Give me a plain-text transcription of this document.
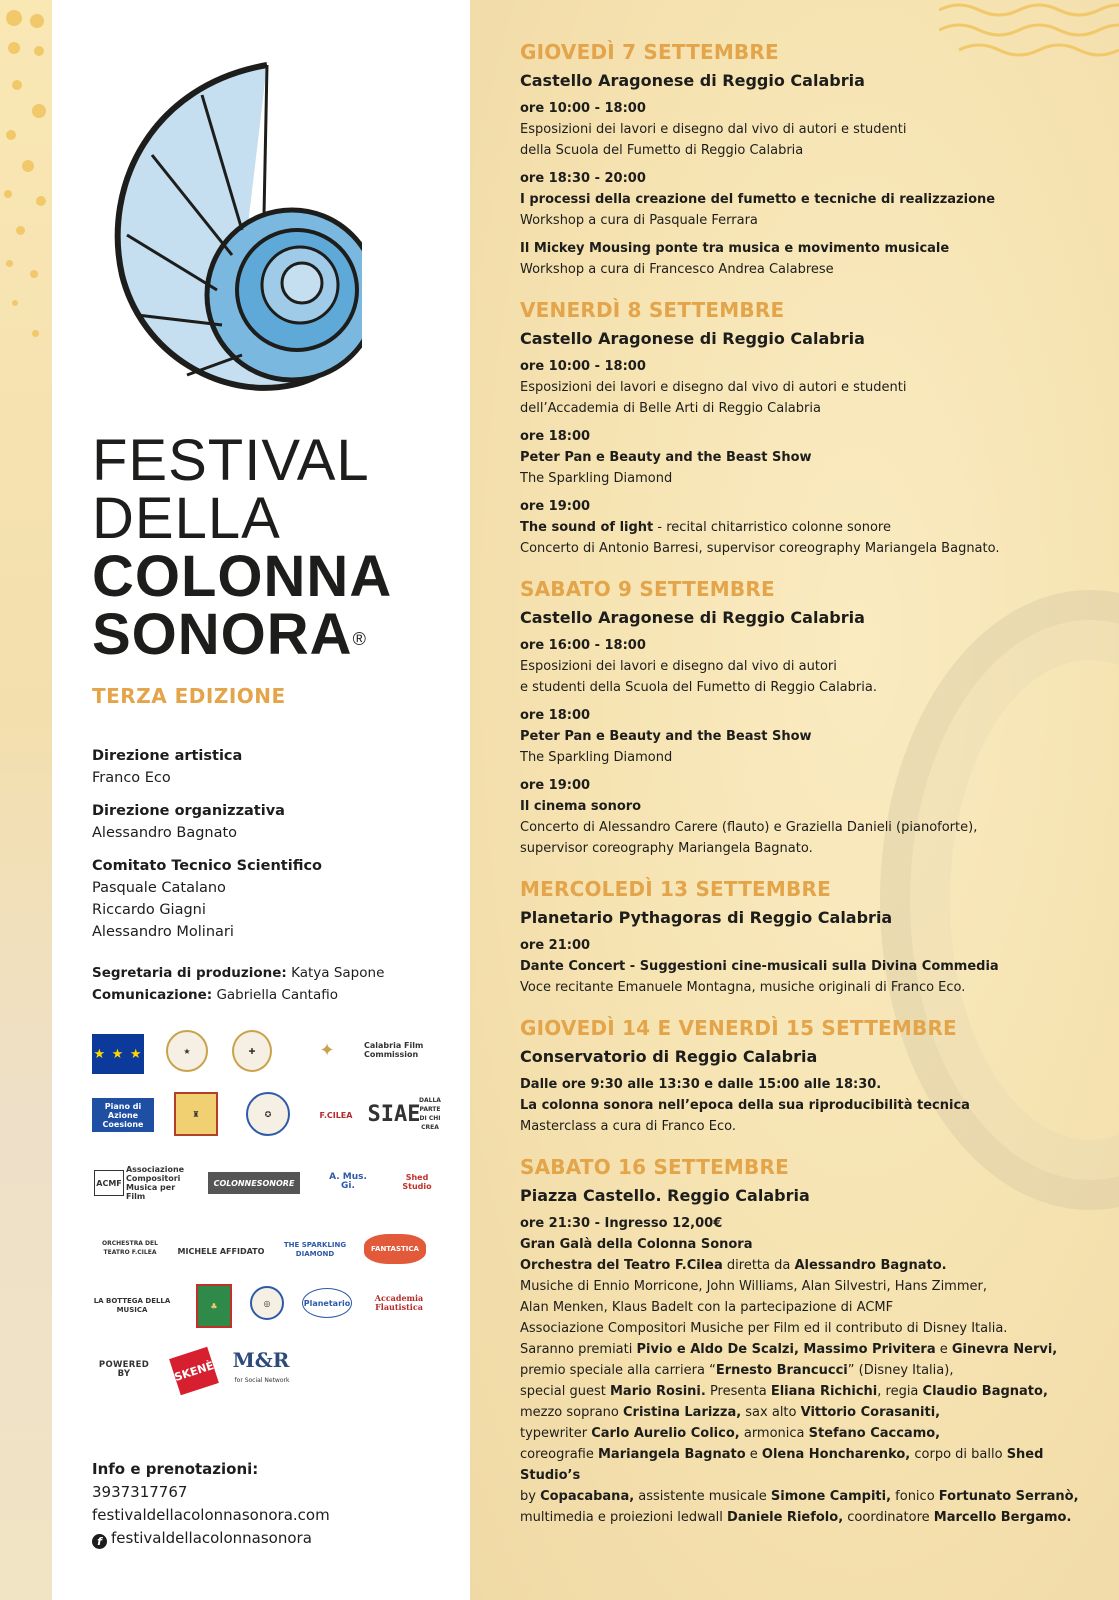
FESTIVAL
DELLA
COLONNA
SONORA®
TERZA EDIZIONE
Direzione artistica
Franco Eco
Direzione organizzativa
Alessandro Bagnato
Comitato Tecnico Scientifico
Pasquale Catalano
Riccardo Giagni
Alessandro Molinari
Segretaria di produzione: Katya Sapone
Comunicazione: Gabriella Cantafio
★ ★ ★	★	✚	✦	Calabria Film Commission
Piano di Azione Coesione
♜	✪	F.CILEA SIAE
DALLA PARTE DI CHI CREA
ACMF
Associazione Compositori Musica per Film
COLONNESONORE
A. Mus. Gi.
Shed Studio
ORCHESTRA DEL TEATRO F.CILEA	MICHELE AFFIDATO
THE SPARKLING DIAMOND
FANTASTICA
LA BOTTEGA DELLA MUSICA	♣	◎	Planetario	Accademia Flautistica
POWERED BY	SKENÈ M&R
for Social Network
Info e prenotazioni:
3937317767
festivaldellacolonnasonora.com
f festivaldellacolonnasonora
GIOVEDÌ 7 SETTEMBRE
Castello Aragonese di Reggio Calabria
ore 10:00 - 18:00
Esposizioni dei lavori e disegno dal vivo di autori e studenti
della Scuola del Fumetto di Reggio Calabria
ore 18:30 - 20:00
I processi della creazione del fumetto e tecniche di realizzazione
Workshop a cura di Pasquale Ferrara
Il Mickey Mousing ponte tra musica e movimento musicale
Workshop a cura di Francesco Andrea Calabrese
VENERDÌ 8 SETTEMBRE
Castello Aragonese di Reggio Calabria
ore 10:00 - 18:00
Esposizioni dei lavori e disegno dal vivo di autori e studenti
dell’Accademia di Belle Arti di Reggio Calabria
ore 18:00
Peter Pan e Beauty and the Beast Show
The Sparkling Diamond
ore 19:00
The sound of light - recital chitarristico colonne sonore
Concerto di Antonio Barresi, supervisor coreography Mariangela Bagnato.
SABATO 9 SETTEMBRE
Castello Aragonese di Reggio Calabria
ore 16:00 - 18:00
Esposizioni dei lavori e disegno dal vivo di autori
e studenti della Scuola del Fumetto di Reggio Calabria.
ore 18:00
Peter Pan e Beauty and the Beast Show
The Sparkling Diamond
ore 19:00
Il cinema sonoro
Concerto di Alessandro Carere (flauto) e Graziella Danieli (pianoforte),
supervisor coreography Mariangela Bagnato.
MERCOLEDÌ 13 SETTEMBRE
Planetario Pythagoras di Reggio Calabria
ore 21:00
Dante Concert - Suggestioni cine-musicali sulla Divina Commedia
Voce recitante Emanuele Montagna, musiche originali di Franco Eco.
GIOVEDÌ 14 E VENERDÌ 15 SETTEMBRE
Conservatorio di Reggio Calabria
Dalle ore 9:30 alle 13:30 e dalle 15:00 alle 18:30.
La colonna sonora nell’epoca della sua riproducibilità tecnica
Masterclass a cura di Franco Eco.
SABATO 16 SETTEMBRE
Piazza Castello. Reggio Calabria
ore 21:30 - Ingresso 12,00€
Gran Galà della Colonna Sonora
Orchestra del Teatro F.Cilea diretta da Alessandro Bagnato.
Musiche di Ennio Morricone, John Williams, Alan Silvestri, Hans Zimmer,
Alan Menken, Klaus Badelt con la partecipazione di ACMF
Associazione Compositori Musiche per Film ed il contributo di Disney Italia.
Saranno premiati Pivio e Aldo De Scalzi, Massimo Privitera e Ginevra Nervi,
premio speciale alla carriera “Ernesto Brancucci” (Disney Italia),
special guest Mario Rosini. Presenta Eliana Richichi, regia Claudio Bagnato,
mezzo soprano Cristina Larizza, sax alto Vittorio Corasaniti,
typewriter Carlo Aurelio Colico, armonica Stefano Caccamo,
coreografie Mariangela Bagnato e Olena Honcharenko, corpo di ballo Shed Studio’s
by Copacabana, assistente musicale Simone Campiti, fonico Fortunato Serranò,
multimedia e proiezioni ledwall Daniele Riefolo, coordinatore Marcello Bergamo.
